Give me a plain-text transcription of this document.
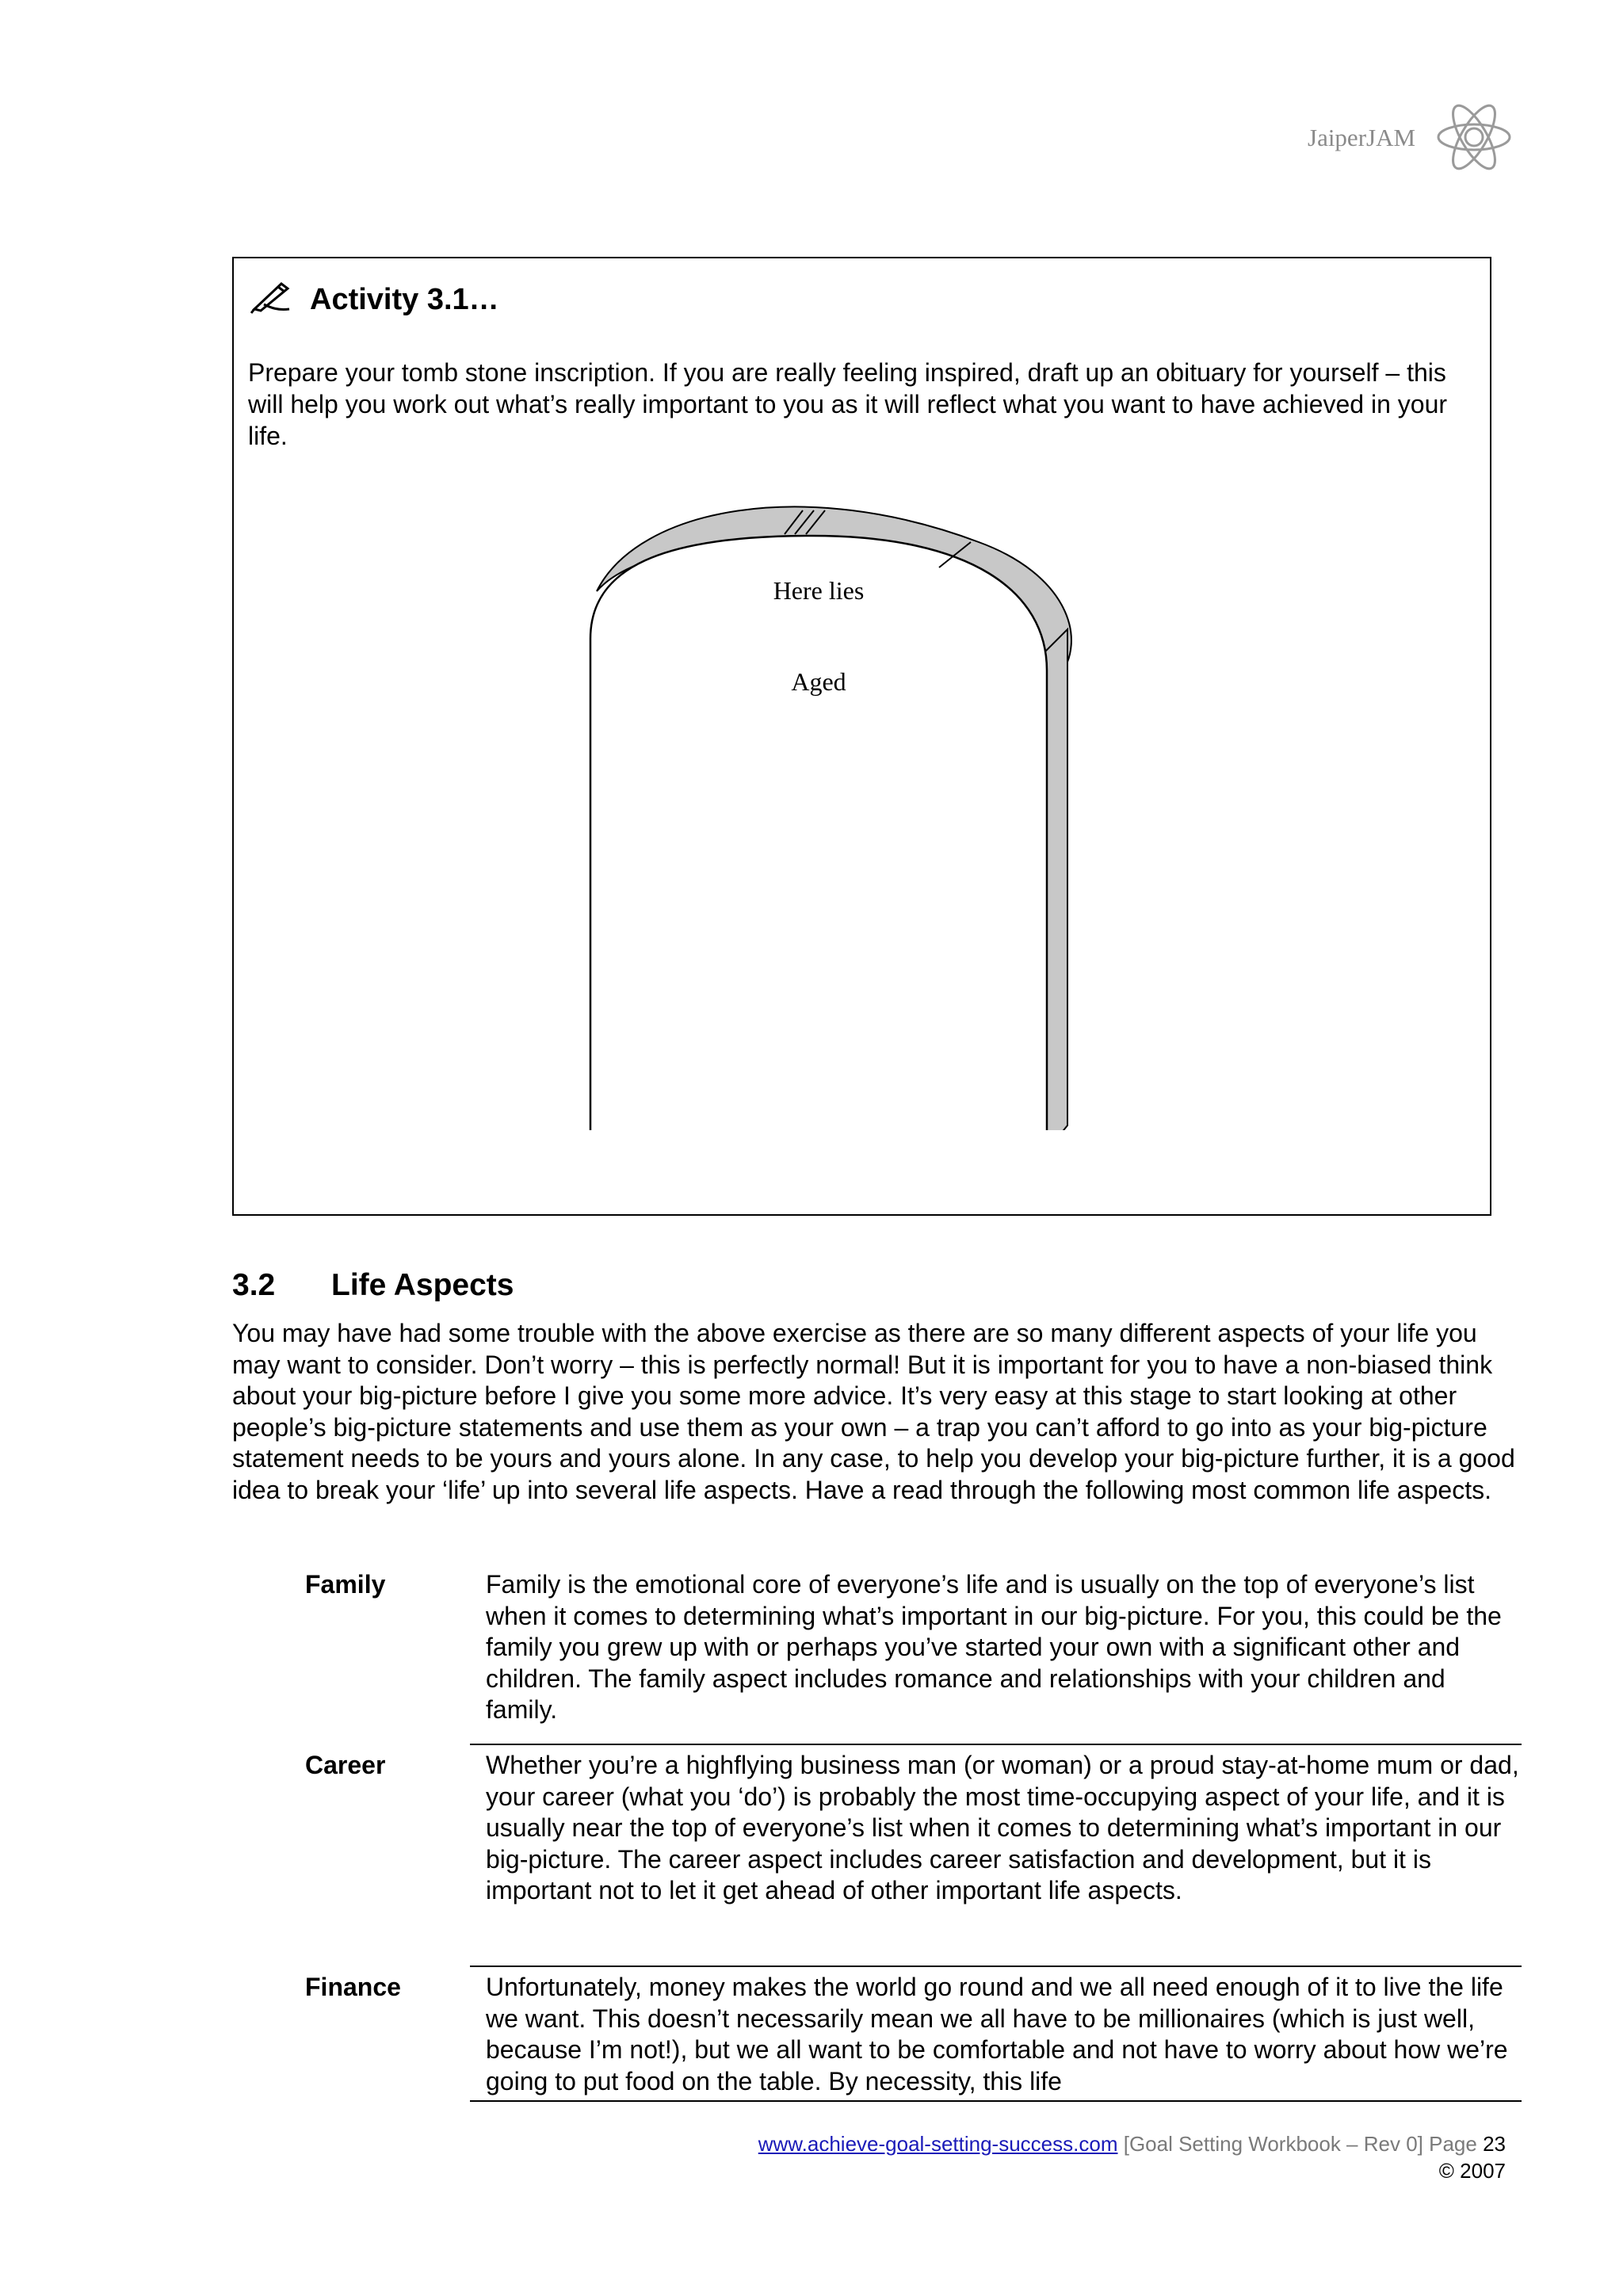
JaiperJAM
Activity 3.1…
Prepare your tomb stone inscription. If you are really feeling inspired, draft up an obituary for yourself – this will help you work out what’s really important to you as it will reflect what you want to have achieved in your life.
Here lies
Aged
3.2 Life Aspects
You may have had some trouble with the above exercise as there are so many different aspects of your life you may want to consider. Don’t worry – this is perfectly normal! But it is important for you to have a non-biased think about your big-picture before I give you some more advice. It’s very easy at this stage to start looking at other people’s big-picture statements and use them as your own – a trap you can’t afford to go into as your big-picture statement needs to be yours and yours alone. In any case, to help you develop your big-picture further, it is a good idea to break your ‘life’ up into several life aspects. Have a read through the following most common life aspects.
Family	Family is the emotional core of everyone’s life and is usually on the top of everyone’s list when it comes to determining what’s important in our big-picture. For you, this could be the family you grew up with or perhaps you’ve started your own with a significant other and children. The family aspect includes romance and relationships with your children and family.
Career	Whether you’re a highflying business man (or woman) or a proud stay-at-home mum or dad, your career (what you ‘do’) is probably the most time-occupying aspect of your life, and it is usually near the top of everyone’s list when it comes to determining what’s important in our big-picture. The career aspect includes career satisfaction and development, but it is important not to let it get ahead of other important life aspects.
Finance	Unfortunately, money makes the world go round and we all need enough of it to live the life we want. This doesn’t necessarily mean we all have to be millionaires (which is just well, because I’m not!), but we all want to be comfortable and not have to worry about how we’re going to put food on the table. By necessity, this life
www.achieve-goal-setting-success.com [Goal Setting Workbook – Rev 0] Page 23
© 2007
